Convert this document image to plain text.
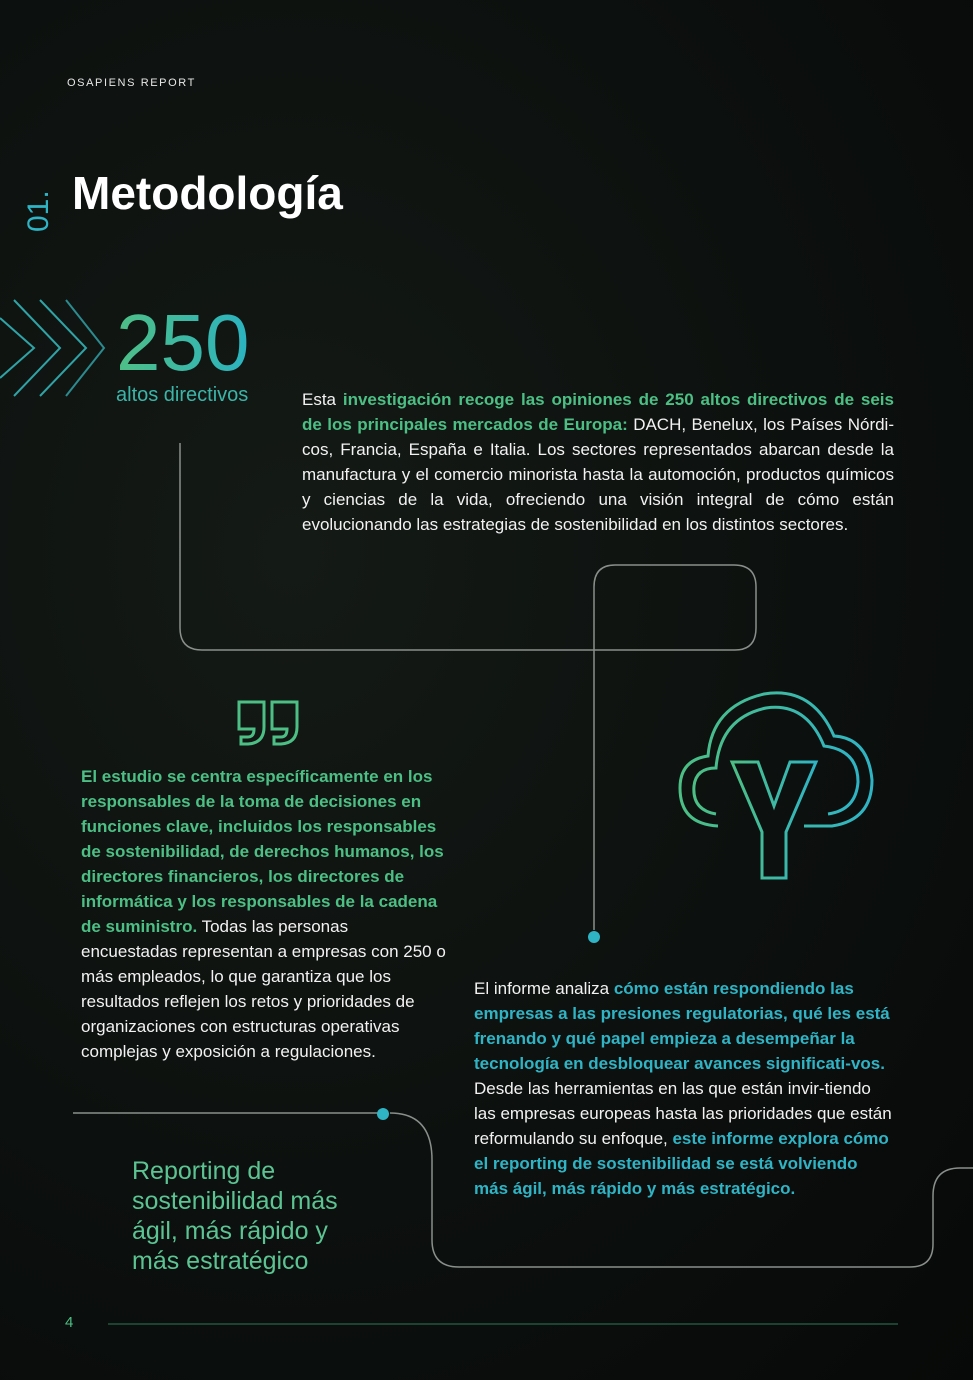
OSAPIENS REPORT
01. Metodología
250
altos directivos	Esta investigación recoge las opiniones de 250 altos directivos de seis de los principales mercados de Europa: DACH, Benelux, los Países Nórdi-cos, Francia, España e Italia. Los sectores representados abarcan desde la manufactura y el comercio minorista hasta la automoción, productos químicos y ciencias de la vida, ofreciendo una visión integral de cómo están evolucionando las estrategias de sostenibilidad en los distintos sectores.

El estudio se centra específicamente en los responsables de la toma de decisiones en funciones clave, incluidos los responsables de sostenibilidad, de derechos humanos, los directores financieros, los directores de informática y los responsables de la cadena de suministro. Todas las personas encuestadas representan a empresas con 250 o más empleados, lo que garantiza que los resultados reflejen los retos y prioridades de organizaciones con estructuras operativas complejas y exposición a regulaciones.

El informe analiza cómo están respondiendo las empresas a las presiones regulatorias, qué les está frenando y qué papel empieza a desempeñar la tecnología en desbloquear avances significati-vos. Desde las herramientas en las que están invir-tiendo las empresas europeas hasta las prioridades que están reformulando su enfoque, este informe explora cómo el reporting de sostenibilidad se está volviendo más ágil, más rápido y más estratégico.

Reporting de sostenibilidad más ágil, más rápido y más estratégico
4
